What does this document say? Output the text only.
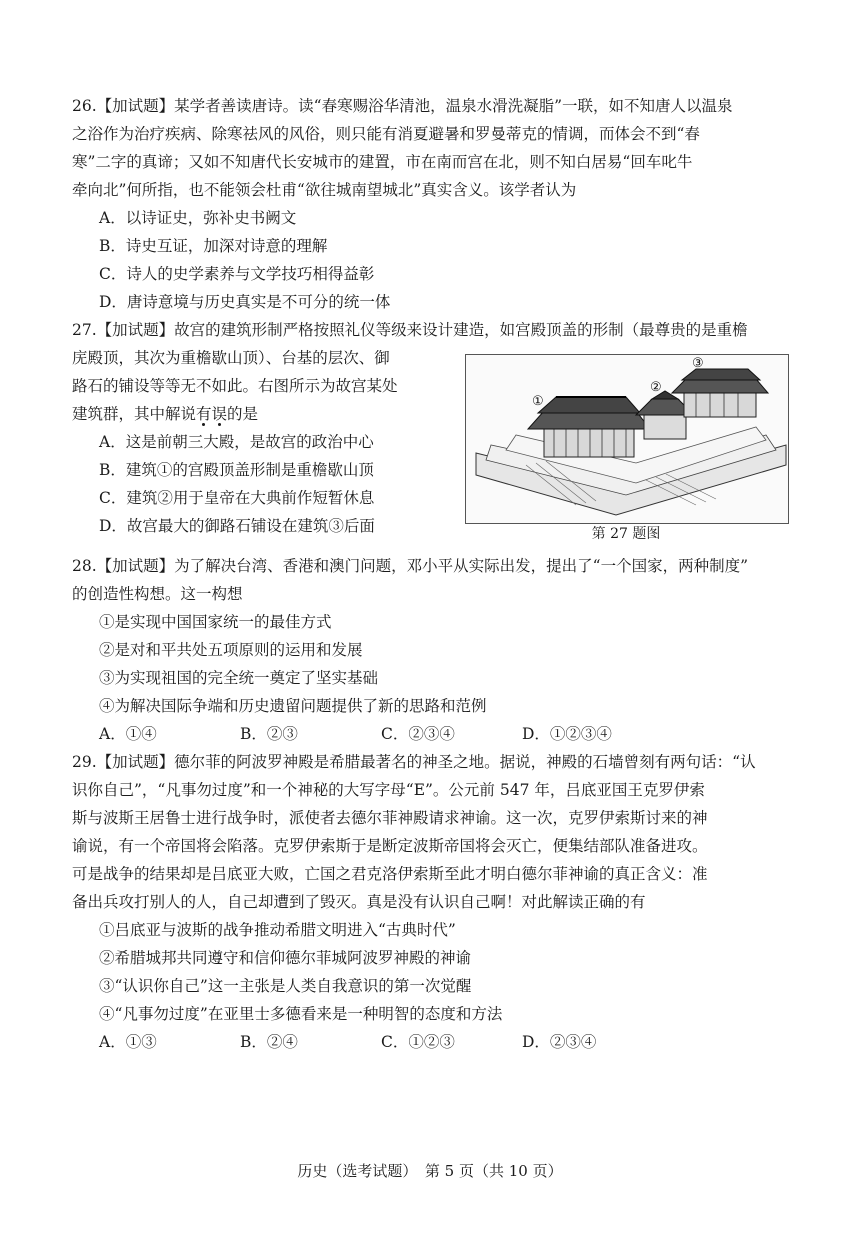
26.【加试题】某学者善读唐诗。读“春寒赐浴华清池，温泉水滑洗凝脂”一联，如不知唐人以温泉
之浴作为治疗疾病、除寒祛风的风俗，则只能有消夏避暑和罗曼蒂克的情调，而体会不到“春
寒”二字的真谛；又如不知唐代长安城市的建置，市在南而宫在北，则不知白居易“回车叱牛
牵向北”何所指，也不能领会杜甫“欲往城南望城北”真实含义。该学者认为
A．以诗证史，弥补史书阙文
B．诗史互证，加深对诗意的理解
C．诗人的史学素养与文学技巧相得益彰
D．唐诗意境与历史真实是不可分的统一体
27.【加试题】故宫的建筑形制严格按照礼仪等级来设计建造，如宫殿顶盖的形制（最尊贵的是重檐
庑殿顶，其次为重檐歇山顶）、台基的层次、御
路石的铺设等等无不如此。右图所示为故宫某处
建筑群，其中解说有误的是
A．这是前朝三大殿，是故宫的政治中心
B．建筑①的宫殿顶盖形制是重檐歇山顶
C．建筑②用于皇帝在大典前作短暂休息
D．故宫最大的御路石铺设在建筑③后面
①
②
③
第 27 题图
28.【加试题】为了解决台湾、香港和澳门问题，邓小平从实际出发，提出了“一个国家，两种制度”
的创造性构想。这一构想
①是实现中国国家统一的最佳方式
②是对和平共处五项原则的运用和发展
③为实现祖国的完全统一奠定了坚实基础
④为解决国际争端和历史遗留问题提供了新的思路和范例
A．①④	B．②③	C．②③④	D．①②③④
29.【加试题】德尔菲的阿波罗神殿是希腊最著名的神圣之地。据说，神殿的石墙曾刻有两句话：“认
识你自己”，“凡事勿过度”和一个神秘的大写字母“E”。公元前 547 年，吕底亚国王克罗伊索
斯与波斯王居鲁士进行战争时，派使者去德尔菲神殿请求神谕。这一次，克罗伊索斯讨来的神
谕说，有一个帝国将会陷落。克罗伊索斯于是断定波斯帝国将会灭亡，便集结部队准备进攻。
可是战争的结果却是吕底亚大败，亡国之君克洛伊索斯至此才明白德尔菲神谕的真正含义：准
备出兵攻打别人的人，自己却遭到了毁灭。真是没有认识自己啊！对此解读正确的有
①吕底亚与波斯的战争推动希腊文明进入“古典时代”
②希腊城邦共同遵守和信仰德尔菲城阿波罗神殿的神谕
③“认识你自己”这一主张是人类自我意识的第一次觉醒
④“凡事勿过度”在亚里士多德看来是一种明智的态度和方法
A．①③	B．②④	C．①②③	D．②③④
历史（选考试题）　第 5 页（共 10 页）
